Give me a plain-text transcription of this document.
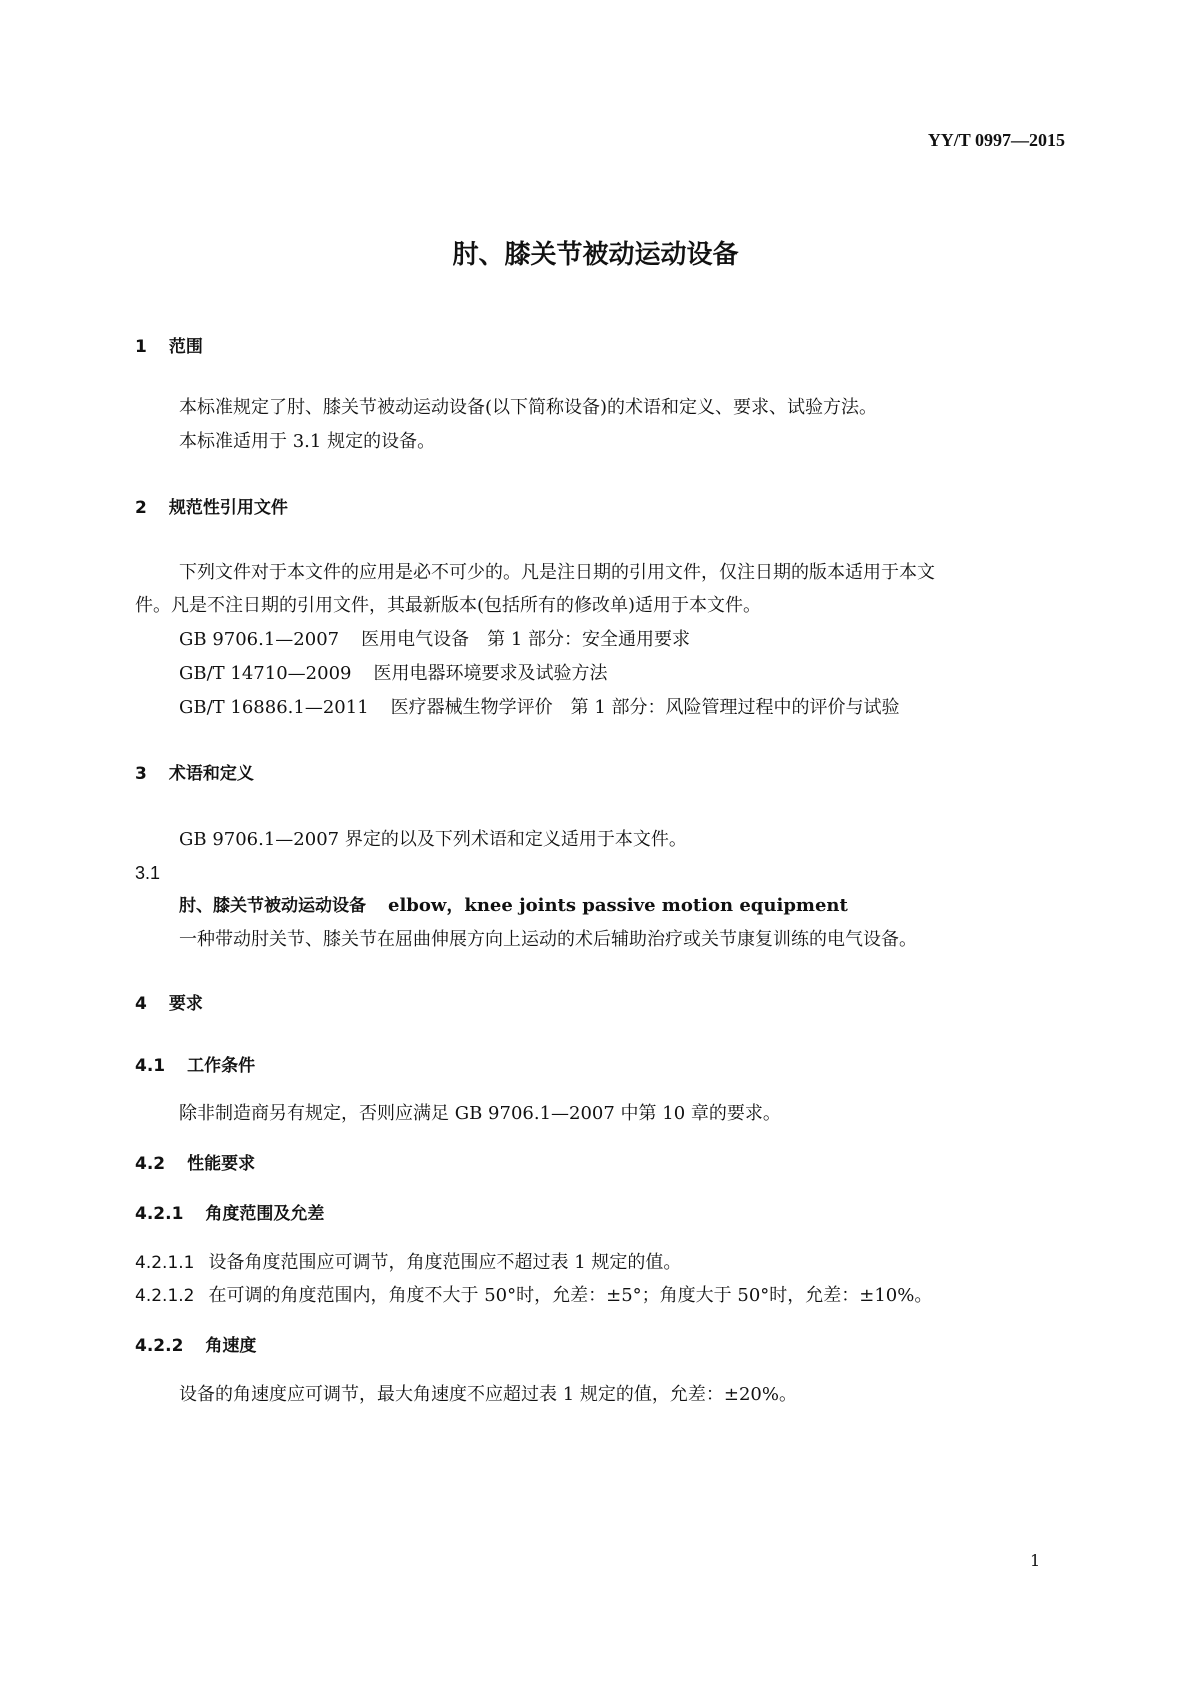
YY/T 0997—2015
肘、膝关节被动运动设备
1 范围
本标准规定了肘、膝关节被动运动设备(以下简称设备)的术语和定义、要求、试验方法。
本标准适用于 3.1 规定的设备。
2 规范性引用文件
下列文件对于本文件的应用是必不可少的。凡是注日期的引用文件，仅注日期的版本适用于本文
件。凡是不注日期的引用文件，其最新版本(包括所有的修改单)适用于本文件。
GB 9706.1—2007 医用电气设备　第 1 部分：安全通用要求
GB/T 14710—2009 医用电器环境要求及试验方法
GB/T 16886.1—2011 医疗器械生物学评价　第 1 部分：风险管理过程中的评价与试验
3 术语和定义
GB 9706.1—2007 界定的以及下列术语和定义适用于本文件。
3.1
肘、膝关节被动运动设备 elbow，knee joints passive motion equipment
一种带动肘关节、膝关节在屈曲伸展方向上运动的术后辅助治疗或关节康复训练的电气设备。
4 要求
4.1 工作条件
除非制造商另有规定，否则应满足 GB 9706.1—2007 中第 10 章的要求。
4.2 性能要求
4.2.1 角度范围及允差
4.2.1.1 设备角度范围应可调节，角度范围应不超过表 1 规定的值。
4.2.1.2 在可调的角度范围内，角度不大于 50°时，允差：±5°；角度大于 50°时，允差：±10%。
4.2.2 角速度
设备的角速度应可调节，最大角速度不应超过表 1 规定的值，允差：±20%。
1
